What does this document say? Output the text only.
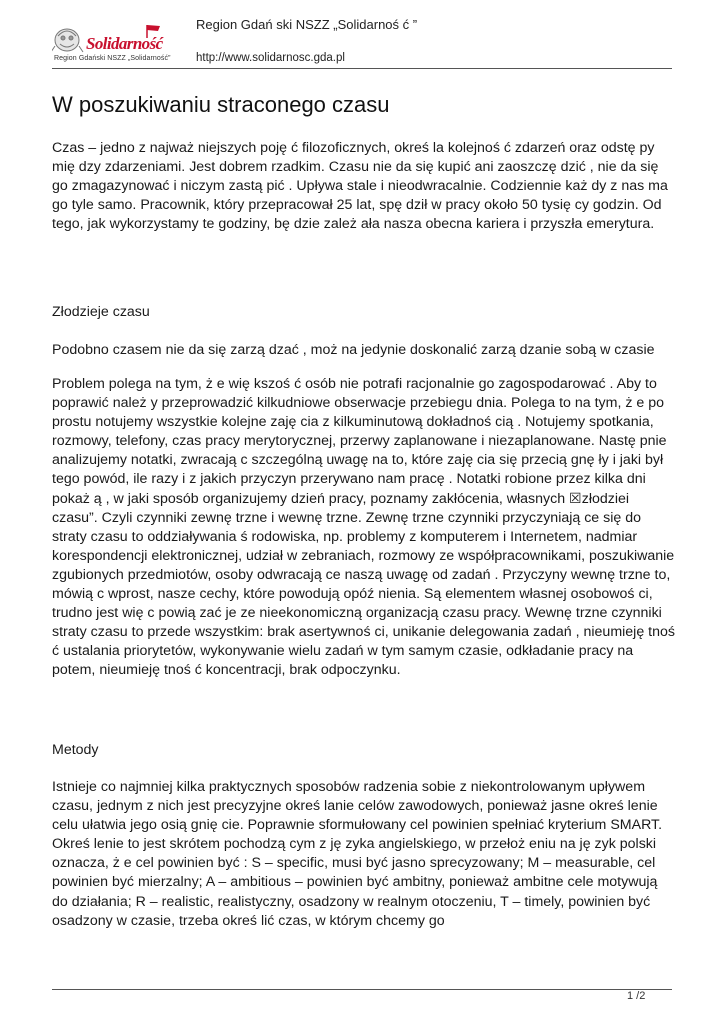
Solidarność
Region Gdański NSZZ „Solidarność”
Region Gdań ski NSZZ „Solidarnoś ć ”
http://www.solidarnosc.gda.pl
W poszukiwaniu straconego czasu

Czas – jedno z najważ niejszych poję ć filozoficznych, okreś la kolejnoś ć zdarzeń oraz odstę py mię dzy zdarzeniami. Jest dobrem rzadkim. Czasu nie da się kupić ani zaoszczę dzić , nie da się go zmagazynować i niczym zastą pić . Upływa stale i nieodwracalnie. Codziennie każ dy z nas ma go tyle samo. Pracownik, który przepracował 25 lat, spę dził w pracy około 50 tysię cy godzin. Od tego, jak wykorzystamy te godziny, bę dzie zależ ała nasza obecna kariera i przyszła emerytura.

Złodzieje czasu

Podobno czasem nie da się zarzą dzać , moż na jedynie doskonalić zarzą dzanie sobą w czasie

Problem polega na tym, ż e wię kszoś ć osób nie potrafi racjonalnie go zagospodarować . Aby to poprawić należ y przeprowadzić kilkudniowe obserwacje przebiegu dnia. Polega to na tym, ż e po prostu notujemy wszystkie kolejne zaję cia z kilkuminutową dokładnoś cią . Notujemy spotkania, rozmowy, telefony, czas pracy merytorycznej, przerwy zaplanowane i niezaplanowane. Nastę pnie analizujemy notatki, zwracają c szczególną uwagę na to, które zaję cia się przecią gnę ły i jaki był tego powód, ile razy i z jakich przyczyn przerywano nam pracę . Notatki robione przez kilka dni pokaż ą , w jaki sposób organizujemy dzień pracy, poznamy zakłócenia, własnych ☒złodziei czasu”. Czyli czynniki zewnę trzne i wewnę trzne. Zewnę trzne czynniki przyczyniają ce się do straty czasu to oddziaływania ś rodowiska, np. problemy z komputerem i Internetem, nadmiar korespondencji elektronicznej, udział w zebraniach, rozmowy ze współpracownikami, poszukiwanie zgubionych przedmiotów, osoby odwracają ce naszą uwagę od zadań . Przyczyny wewnę trzne to, mówią c wprost, nasze cechy, które powodują opóź nienia. Są elementem własnej osobowoś ci, trudno jest wię c powią zać je ze nieekonomiczną organizacją czasu pracy. Wewnę trzne czynniki straty czasu to przede wszystkim: brak asertywnoś ci, unikanie delegowania zadań , nieumieję tnoś ć ustalania priorytetów, wykonywanie wielu zadań w tym samym czasie, odkładanie pracy na potem, nieumieję tnoś ć koncentracji, brak odpoczynku.

Metody

Istnieje co najmniej kilka praktycznych sposobów radzenia sobie z niekontrolowanym upływem czasu, jednym z nich jest precyzyjne okreś lanie celów zawodowych, ponieważ jasne okreś lenie celu ułatwia jego osią gnię cie. Poprawnie sformułowany cel powinien spełniać kryterium SMART. Okreś lenie to jest skrótem pochodzą cym z ję zyka angielskiego, w przełoż eniu na ję zyk polski oznacza, ż e cel powinien być : S – specific, musi być jasno sprecyzowany; M – measurable, cel powinien być mierzalny; A – ambitious – powinien być ambitny, ponieważ ambitne cele motywują do działania; R – realistic, realistyczny, osadzony w realnym otoczeniu, T – timely, powinien być osadzony w czasie, trzeba okreś lić czas, w którym chcemy go

1 /2
